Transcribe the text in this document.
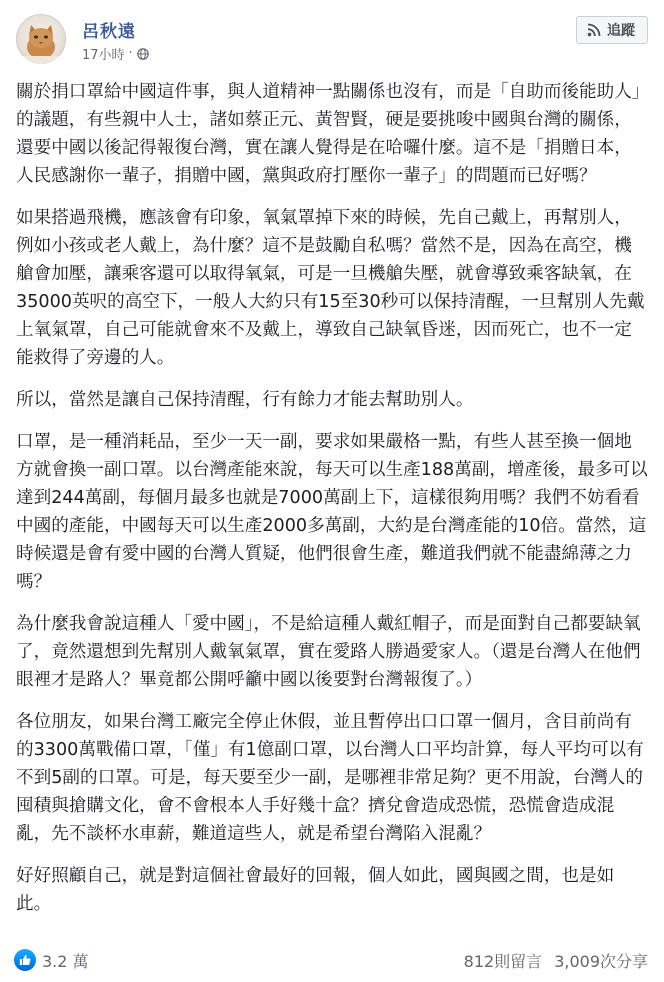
呂秋遠
17小時 ·
追蹤

關於捐口罩給中國這件事，與人道精神一點關係也沒有，而是「自助而後能助人」的議題，有些親中人士，諸如蔡正元、黃智賢，硬是要挑唆中國與台灣的關係，還要中國以後記得報復台灣，實在讓人覺得是在哈囉什麼。這不是「捐贈日本，人民感謝你一輩子，捐贈中國，黨與政府打壓你一輩子」的問題而已好嗎？

如果搭過飛機，應該會有印象，氧氣罩掉下來的時候，先自己戴上，再幫別人，例如小孩或老人戴上，為什麼？這不是鼓勵自私嗎？當然不是，因為在高空，機艙會加壓，讓乘客還可以取得氧氣，可是一旦機艙失壓，就會導致乘客缺氧，在35000英呎的高空下，一般人大約只有15至30秒可以保持清醒，一旦幫別人先戴上氧氣罩，自己可能就會來不及戴上，導致自己缺氧昏迷，因而死亡，也不一定能救得了旁邊的人。

所以，當然是讓自己保持清醒，行有餘力才能去幫助別人。

口罩，是一種消耗品，至少一天一副，要求如果嚴格一點，有些人甚至換一個地方就會換一副口罩。以台灣產能來說，每天可以生產188萬副，增產後，最多可以達到244萬副，每個月最多也就是7000萬副上下，這樣很夠用嗎？我們不妨看看中國的產能，中國每天可以生產2000多萬副，大約是台灣產能的10倍。當然，這時候還是會有愛中國的台灣人質疑，他們很會生產，難道我們就不能盡綿薄之力嗎？

為什麼我會說這種人「愛中國」，不是給這種人戴紅帽子，而是面對自己都要缺氧了，竟然還想到先幫別人戴氧氣罩，實在愛路人勝過愛家人。（還是台灣人在他們眼裡才是路人？畢竟都公開呼籲中國以後要對台灣報復了。）

各位朋友，如果台灣工廠完全停止休假，並且暫停出口口罩一個月，含目前尚有的3300萬戰備口罩，「僅」有1億副口罩，以台灣人口平均計算，每人平均可以有不到5副的口罩。可是，每天要至少一副，是哪裡非常足夠？更不用說，台灣人的囤積與搶購文化，會不會根本人手好幾十盒？擠兌會造成恐慌，恐慌會造成混亂，先不談杯水車薪，難道這些人，就是希望台灣陷入混亂？

好好照顧自己，就是對這個社會最好的回報，個人如此，國與國之間，也是如此。

3.2 萬	812則留言 3,009次分享
